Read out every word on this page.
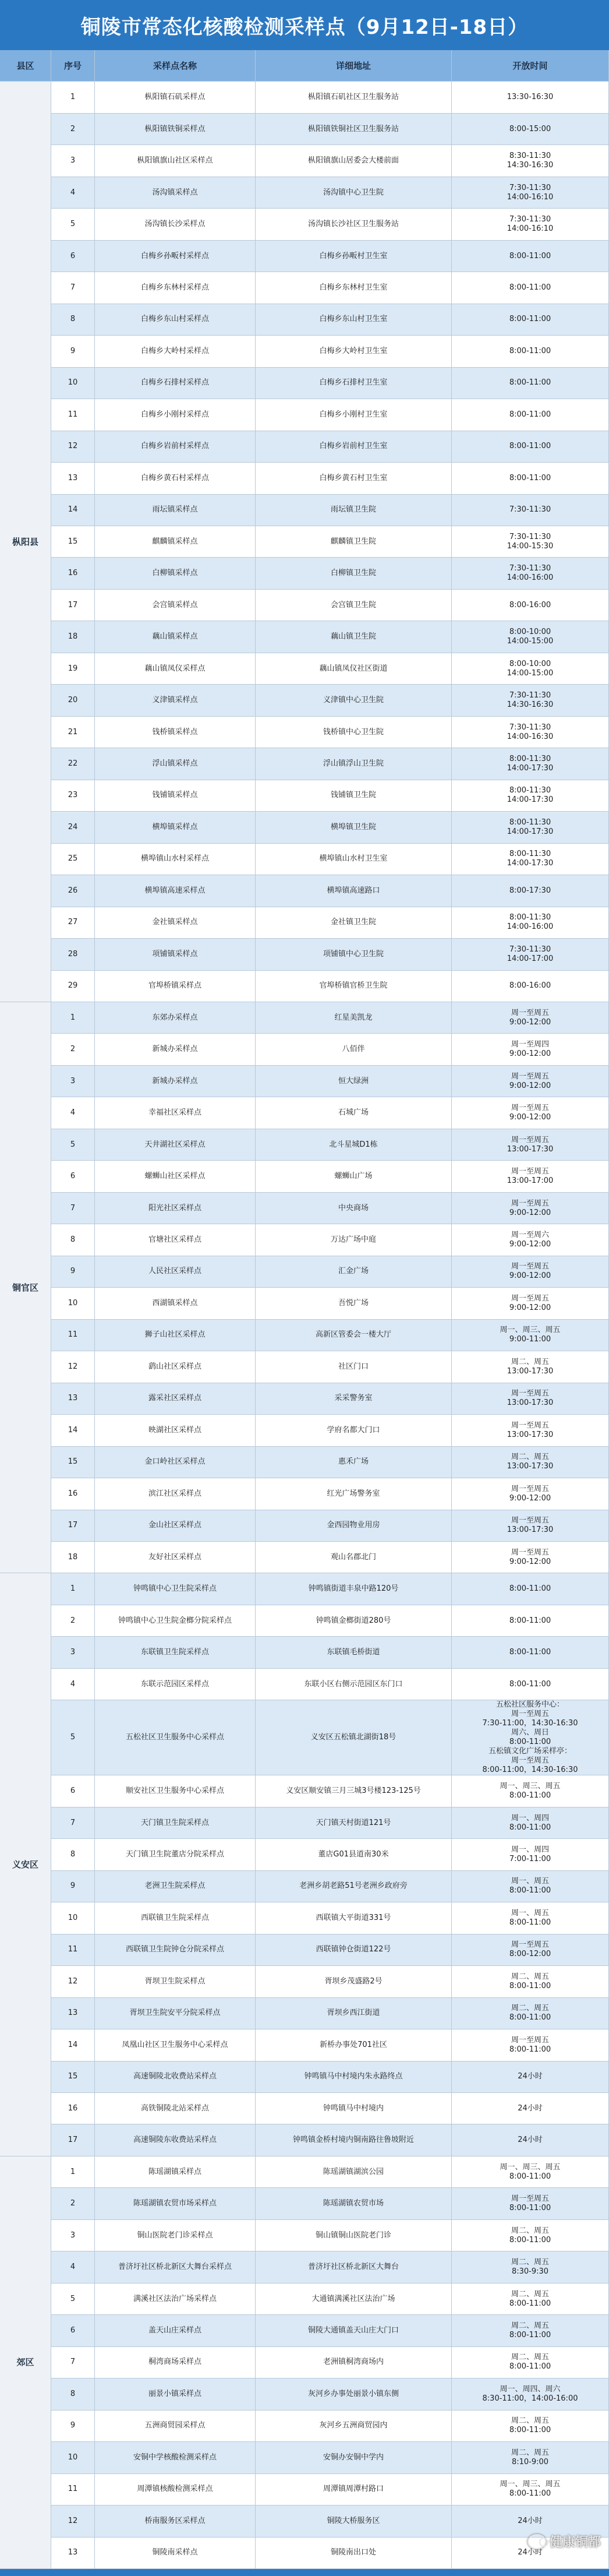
铜陵市常态化核酸检测采样点（9月12日-18日）
县区	序号	采样点名称	详细地址	开放时间
枞阳县
1	枞阳镇石矶采样点	枞阳镇石矶社区卫生服务站	13:30-16:30
2	枞阳镇铁铜采样点	枞阳镇铁铜社区卫生服务站	8:00-15:00
3	枞阳镇旗山社区采样点	枞阳镇旗山居委会大楼前面
8:30-11:30
14:30-16:30
4	汤沟镇采样点	汤沟镇中心卫生院
7:30-11:30
14:00-16:10
5	汤沟镇长沙采样点	汤沟镇长沙社区卫生服务站
7:30-11:30
14:00-16:10
6	白梅乡孙畈村采样点	白梅乡孙畈村卫生室	8:00-11:00
7	白梅乡东林村采样点	白梅乡东林村卫生室	8:00-11:00
8	白梅乡东山村采样点	白梅乡东山村卫生室	8:00-11:00
9	白梅乡大岭村采样点	白梅乡大岭村卫生室	8:00-11:00
10	白梅乡石排村采样点	白梅乡石排村卫生室	8:00-11:00
11	白梅乡小刚村采样点	白梅乡小刚村卫生室	8:00-11:00
12	白梅乡岩前村采样点	白梅乡岩前村卫生室	8:00-11:00
13	白梅乡黄石村采样点	白梅乡黄石村卫生室	8:00-11:00
14	雨坛镇采样点	雨坛镇卫生院	7:30-11:30
15	麒麟镇采样点	麒麟镇卫生院
7:30-11:30
14:00-15:30
16	白柳镇采样点	白柳镇卫生院
7:30-11:30
14:00-16:00
17	会宫镇采样点	会宫镇卫生院	8:00-16:00
18	藕山镇采样点	藕山镇卫生院
8:00-10:00
14:00-15:00
19	藕山镇凤仪采样点	藕山镇凤仪社区街道
8:00-10:00
14:00-15:00
20	义津镇采样点	义津镇中心卫生院
7:30-11:30
14:30-16:30
21	钱桥镇采样点	钱桥镇中心卫生院
7:30-11:30
14:00-16:30
22	浮山镇采样点	浮山镇浮山卫生院
8:00-11:30
14:00-17:30
23	钱铺镇采样点	钱铺镇卫生院
8:00-11:30
14:00-17:30
24	横埠镇采样点	横埠镇卫生院
8:00-11:30
14:00-17:30
25	横埠镇山水村采样点	横埠镇山水村卫生室
8:00-11:30
14:00-17:30
26	横埠镇高速采样点	横埠镇高速路口	8:00-17:30
27	金社镇采样点	金社镇卫生院
8:00-11:30
14:00-16:00
28	项铺镇采样点	项铺镇中心卫生院
7:30-11:30
14:00-17:00
29	官埠桥镇采样点	官埠桥镇官桥卫生院	8:00-16:00
铜官区
1	东郊办采样点	红星美凯龙
周一至周五
9:00-12:00
2	新城办采样点	八佰伴
周一至周四
9:00-12:00
3	新城办采样点	恒大绿洲
周一至周五
9:00-12:00
4	幸福社区采样点	石城广场
周一至周五
9:00-12:00
5	天井湖社区采样点	北斗星城D1栋
周一至周五
13:00-17:30
6	螺蛳山社区采样点	螺蛳山广场
周一至周五
13:00-17:00
7	阳光社区采样点	中央商场
周一至周五
9:00-12:00
8	官塘社区采样点	万达广场中庭
周一至周六
9:00-12:00
9	人民社区采样点	汇金广场
周一至周五
9:00-12:00
10	西湖镇采样点	吾悦广场
周一至周五
9:00-12:00
11	狮子山社区采样点	高新区管委会一楼大厅
周一、周三、周五
9:00-11:00
12	鹞山社区采样点	社区门口
周二、周五
13:00-17:30
13	露采社区采样点	采采警务室
周一至周五
13:00-17:30
14	映湖社区采样点	学府名都大门口
周一至周五
13:00-17:30
15	金口岭社区采样点	惠禾广场
周二、周五
13:00-17:30
16	滨江社区采样点	红光广场警务室
周一至周五
9:00-12:00
17	金山社区采样点	金西园物业用房
周一至周五
13:00-17:30
18	友好社区采样点	观山名郡北门
周一至周五
9:00-12:00
义安区
1	钟鸣镇中心卫生院采样点	钟鸣镇街道丰泉中路120号	8:00-11:00
2	钟鸣镇中心卫生院金榔分院采样点	钟鸣镇金榔街道280号	8:00-11:00
3	东联镇卫生院采样点	东联镇毛桥街道	8:00-11:00
4	东联示范园区采样点	东联小区右侧示范园区东门口	8:00-11:00
5	五松社区卫生服务中心采样点	义安区五松镇北湖街18号
五松社区服务中心：
周一至周五
7:30-11:00，14:30-16:30
周六、周日
8:00-11:00
五松镇文化广场采样亭：
周一至周五
8:00-11:00，14:30-16:30
6	顺安社区卫生服务中心采样点	义安区顺安镇三月三城3号楼123-125号
周一、周三、周五
8:00-11:00
7	天门镇卫生院采样点	天门镇天村街道121号
周一、周四
8:00-11:00
8	天门镇卫生院董店分院采样点	董店G01县道南30米
周一、周四
7:00-11:00
9	老洲卫生院采样点	老洲乡胡老路51号老洲乡政府旁
周一、周五
8:00-11:00
10	西联镇卫生院采样点	西联镇大平街道331号
周一、周五
8:00-11:00
11	西联镇卫生院钟仓分院采样点	西联镇钟仓街道122号
周一至周五
8:00-12:00
12	胥坝卫生院采样点	胥坝乡茂盛路2号
周二、周五
8:00-11:00
13	胥坝卫生院安平分院采样点	胥坝乡西江街道
周二、周五
8:00-11:00
14	凤凰山社区卫生服务中心采样点	新桥办事处701社区
周一至周五
8:00-11:00
15	高速铜陵北收费站采样点	钟鸣镇马中村境内朱永路终点	24小时
16	高铁铜陵北站采样点	钟鸣镇马中村境内	24小时
17	高速铜陵东收费站采样点	钟鸣镇金桥村境内铜南路往鲁坡附近	24小时
郊区
1	陈瑶湖镇采样点	陈瑶湖镇湖滨公园
周一、周三、周五
8:00-11:00
2	陈瑶湖镇农贸市场采样点	陈瑶湖镇农贸市场
周一至周五
8:00-11:00
3	铜山医院老门诊采样点	铜山镇铜山医院老门诊
周二、周五
8:00-11:00
4	普济圩社区桥北新区大舞台采样点	普济圩社区桥北新区大舞台
周二、周五
8:30-9:30
5	满溪社区法治广场采样点	大通镇满溪社区法治广场
周二、周五
8:00-11:00
6	盖天山庄采样点	铜陵大通镇盖天山庄大门口
周二、周五
8:00-11:00
7	桐湾商场采样点	老洲镇桐湾商场内
周二、周五
8:00-11:00
8	丽景小镇采样点	灰河乡办事处丽景小镇东侧
周一、周四、周六
8:30-11:00，14:00-16:00
9	五洲商贸园采样点	灰河乡五洲商贸园内
周二、周五
8:00-11:00
10	安铜中学核酸检测采样点	安铜办安铜中学内
周二、周五
8:10-9:00
11	周潭镇核酸检测采样点	周潭镇周潭村路口
周一、周三、周五
8:00-11:00
12	桥南服务区采样点	铜陵大桥服务区	24小时
13	铜陵南采样点	铜陵南出口处	24小时
健康铜都
